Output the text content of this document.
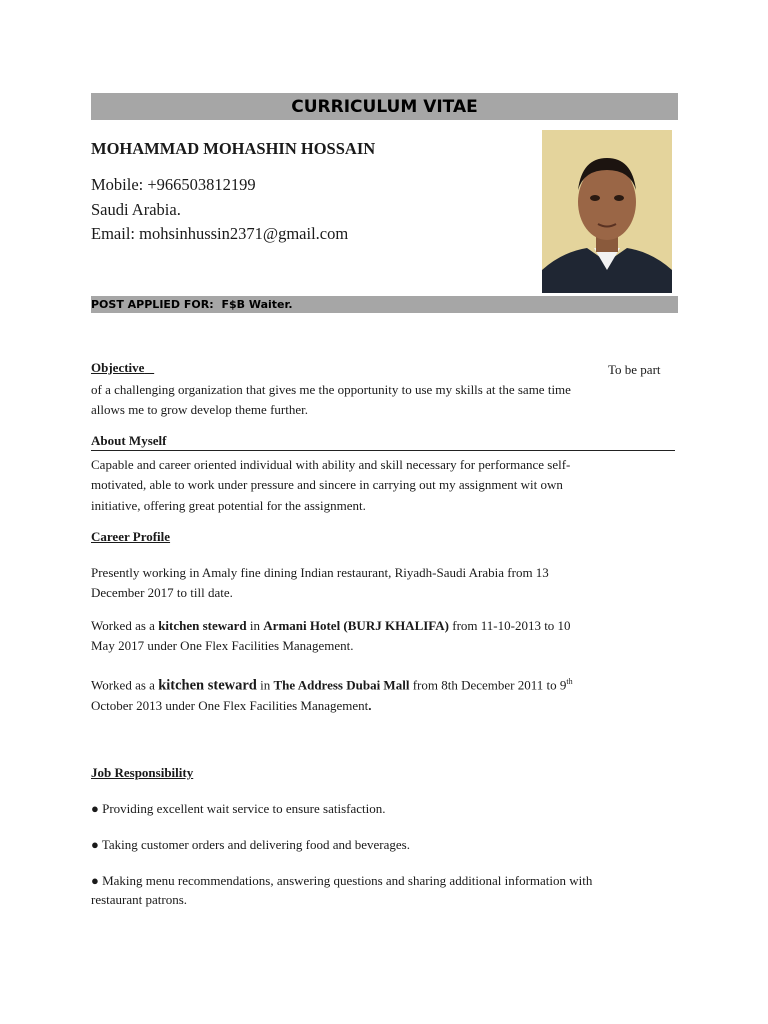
CURRICULUM VITAE
MOHAMMAD MOHASHIN HOSSAIN
Mobile: +966503812199
Saudi Arabia.
Email: mohsinhussin2371@gmail.com
POST APPLIED FOR: F$B Waiter.
Objective	To be part
of a challenging organization that gives me the opportunity to use my skills at the same time
allows me to grow develop theme further.
About Myself
Capable and career oriented individual with ability and skill necessary for performance self-
motivated, able to work under pressure and sincere in carrying out my assignment wit own
initiative, offering great potential for the assignment.
Career Profile
Presently working in Amaly fine dining Indian restaurant, Riyadh-Saudi Arabia from 13
December 2017 to till date.
Worked as a kitchen steward in Armani Hotel (BURJ KHALIFA) from 11-10-2013 to 10
May 2017 under One Flex Facilities Management.
Worked as a kitchen steward in The Address Dubai Mall from 8th December 2011 to 9th
October 2013 under One Flex Facilities Management.
Job Responsibility
● Providing excellent wait service to ensure satisfaction.
● Taking customer orders and delivering food and beverages.
● Making menu recommendations, answering questions and sharing additional information with
restaurant patrons.
